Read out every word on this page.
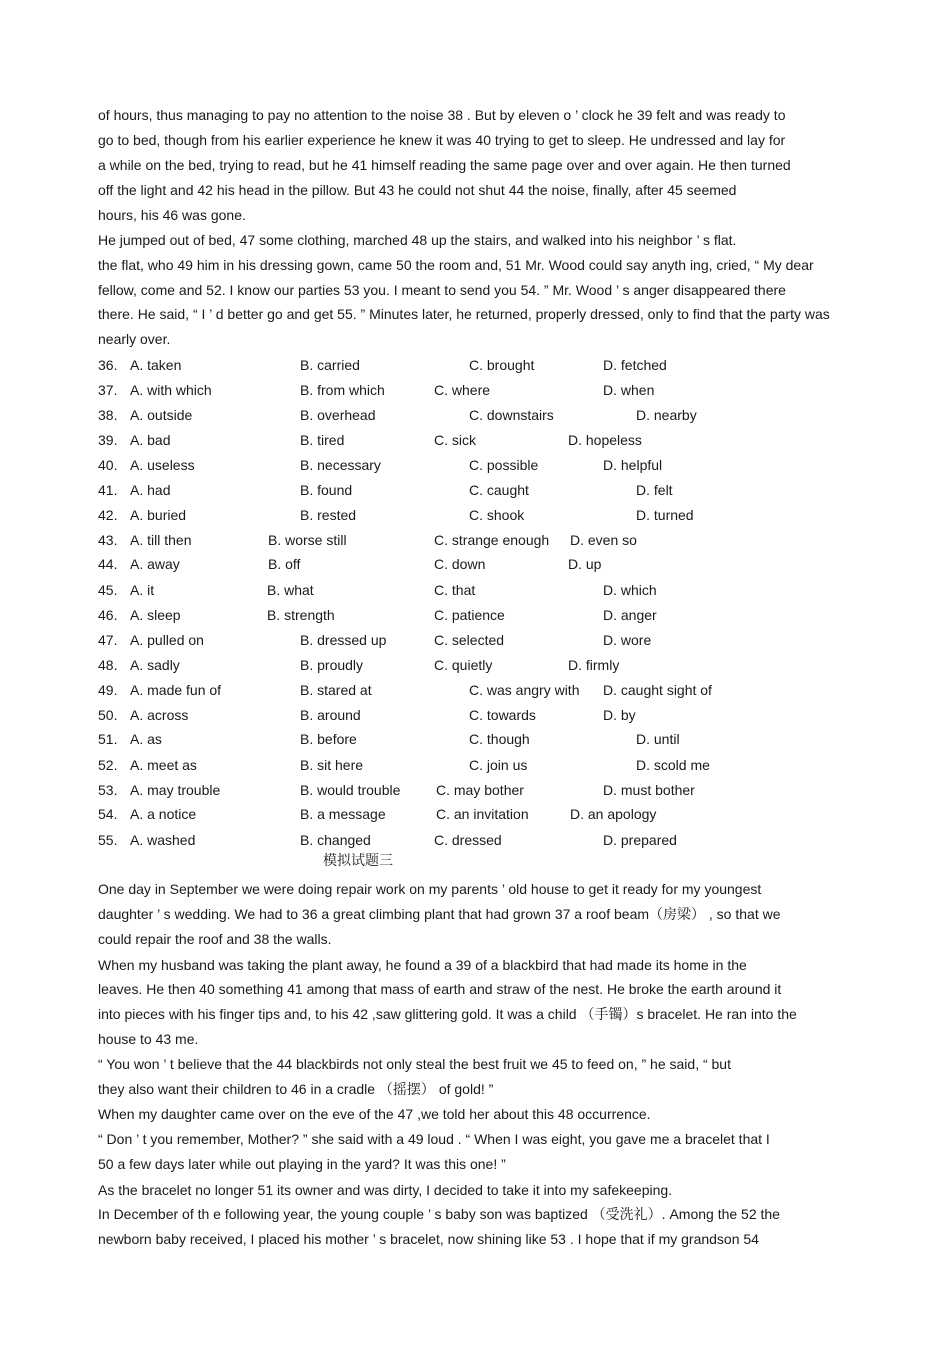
of hours, thus managing to pay no attention to the noise 38 . But by eleven o ’ clock he 39 felt and was ready to
go to bed, though from his earlier experience he knew it was 40 trying to get to sleep. He undressed and lay for
a while on the bed, trying to read, but he 41 himself reading the same page over and over again. He then turned
off the light and 42 his head in the pillow. But 43 he could not shut 44 the noise, finally, after 45 seemed
hours, his 46 was gone.
He jumped out of bed, 47 some clothing, marched 48 up the stairs, and walked into his neighbor ’ s flat.
the flat, who 49 him in his dressing gown, came 50 the room and, 51 Mr. Wood could say anyth ing, cried, “ My dear
fellow, come and 52. I know our parties 53 you. I meant to send you 54. ” Mr. Wood ’ s anger disappeared there
there. He said, “ I ’ d better go and get 55. ” Minutes later, he returned, properly dressed, only to find that the party was
nearly over.
36. A. taken	B. carried	C. brought	D. fetched
37. A. with which	B. from which	C. where	D. when
38. A. outside	B. overhead	C. downstairs	D. nearby
39. A. bad	B. tired	C. sick	D. hopeless
40. A. useless	B. necessary	C. possible	D. helpful
41. A. had	B. found	C. caught	D. felt
42. A. buried	B. rested	C. shook	D. turned
43. A. till then	B. worse still	C. strange enough D. even so
44. A. away	B. off	C. down	D. up
45. A. it	B. what	C. that	D. which
46. A. sleep	B. strength	C. patience	D. anger
47. A. pulled on	B. dressed up	C. selected	D. wore
48. A. sadly	B. proudly	C. quietly	D. firmly
49. A. made fun of	B. stared at	C. was angry with D. caught sight of
50. A. across	B. around	C. towards	D. by
51. A. as	B. before	C. though	D. until
52. A. meet as	B. sit here	C. join us	D. scold me
53. A. may trouble	B. would trouble	C. may bother	D. must bother
54. A. a notice	B. a message	C. an invitation	D. an apology
55. A. washed	B. changed	C. dressed	D. prepared
模拟试题三
One day in September we were doing repair work on my parents ’ old house to get it ready for my youngest
daughter ’ s wedding. We had to 36 a great climbing plant that had grown 37 a roof beam（房梁） , so that we
could repair the roof and 38 the walls.
When my husband was taking the plant away, he found a 39 of a blackbird that had made its home in the
leaves. He then 40 something 41 among that mass of earth and straw of the nest. He broke the earth around it
into pieces with his finger tips and, to his 42 ,saw glittering gold. It was a child （手镯）s bracelet. He ran into the
house to 43 me.
“ You won ’ t believe that the 44 blackbirds not only steal the best fruit we 45 to feed on, ” he said, “ but
they also want their children to 46 in a cradle （摇摆） of gold! ”
When my daughter came over on the eve of the 47 ,we told her about this 48 occurrence.
“ Don ’ t you remember, Mother? ” she said with a 49 loud . “ When I was eight, you gave me a bracelet that I
50 a few days later while out playing in the yard? It was this one! ”
As the bracelet no longer 51 its owner and was dirty, I decided to take it into my safekeeping.
In December of th e following year, the young couple ’ s baby son was baptized （受洗礼）. Among the 52 the
newborn baby received, I placed his mother ’ s bracelet, now shining like 53 . I hope that if my grandson 54
